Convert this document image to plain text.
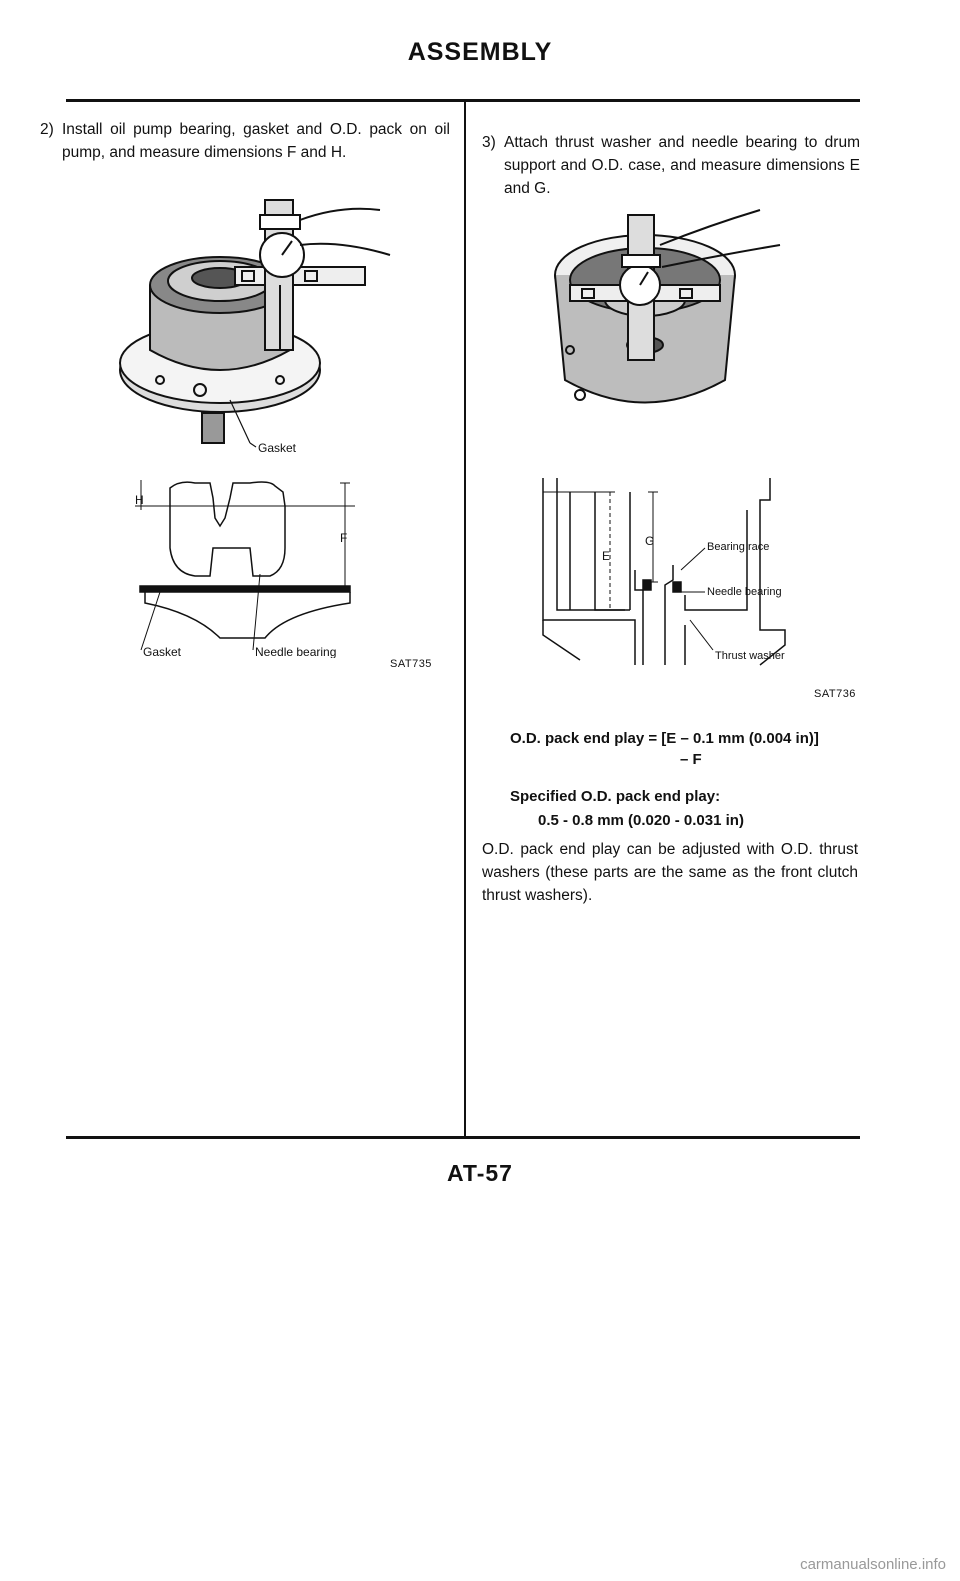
ASSEMBLY
2) Install oil pump bearing, gasket and O.D. pack on oil pump, and measure dimensions F and H.
Gasket
H
F
Gasket	Needle bearing
SAT735
3) Attach thrust washer and needle bearing to drum support and O.D. case, and measure dimensions E and G.
G
E
Bearing race
Needle bearing
Thrust washer
SAT736
O.D. pack end play = [E – 0.1 mm (0.004 in)]
– F
Specified O.D. pack end play:
0.5 - 0.8 mm (0.020 - 0.031 in)
O.D. pack end play can be adjusted with O.D. thrust washers (these parts are the same as the front clutch thrust washers).
AT-57
carmanualsonline.info
